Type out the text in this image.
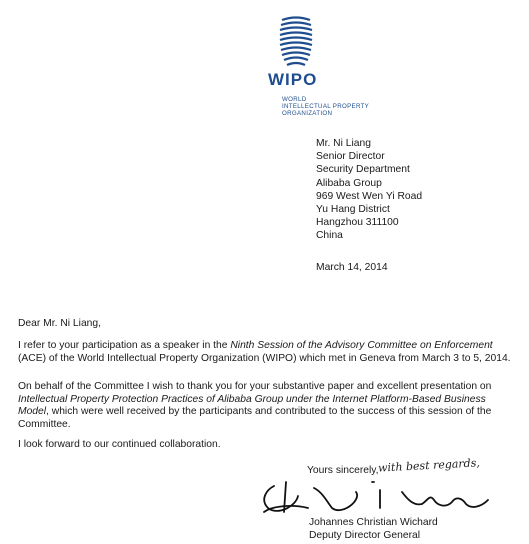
WIPO
WORLD
INTELLECTUAL PROPERTY
ORGANIZATION
Mr. Ni Liang
Senior Director
Security Department
Alibaba Group
969 West Wen Yi Road
Yu Hang District
Hangzhou 311100
China
March 14, 2014
Dear Mr. Ni Liang,
I refer to your participation as a speaker in the Ninth Session of the Advisory Committee on Enforcement (ACE) of the World Intellectual Property Organization (WIPO) which met in Geneva from March 3 to 5, 2014.
On behalf of the Committee I wish to thank you for your substantive paper and excellent presentation on Intellectual Property Protection Practices of Alibaba Group under the Internet Platform-Based Business Model, which were well received by the participants and contributed to the success of this session of the Committee.
I look forward to our continued collaboration.
Yours sincerely, with best regards,
Johannes Christian Wichard
Deputy Director General
